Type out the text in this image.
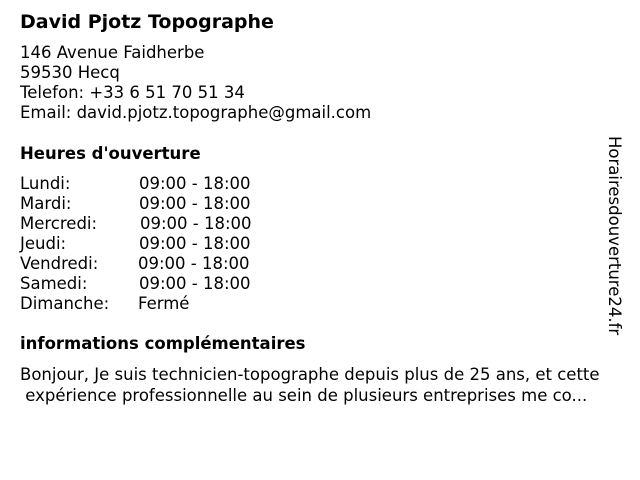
David Pjotz Topographe
146 Avenue Faidherbe
59530 Hecq
Telefon: +33 6 51 70 51 34
Email: david.pjotz.topographe@gmail.com
Heures d'ouverture
Lundi:	09:00 - 18:00
Mardi:	09:00 - 18:00
Mercredi:	09:00 - 18:00
Jeudi:	09:00 - 18:00
Vendredi: 09:00 - 18:00
Samedi:	09:00 - 18:00
Dimanche: Fermé
informations complémentaires
Bonjour, Je suis technicien-topographe depuis plus de 25 ans, et cette
expérience professionnelle au sein de plusieurs entreprises me co...
Horairesdouverture24.fr
